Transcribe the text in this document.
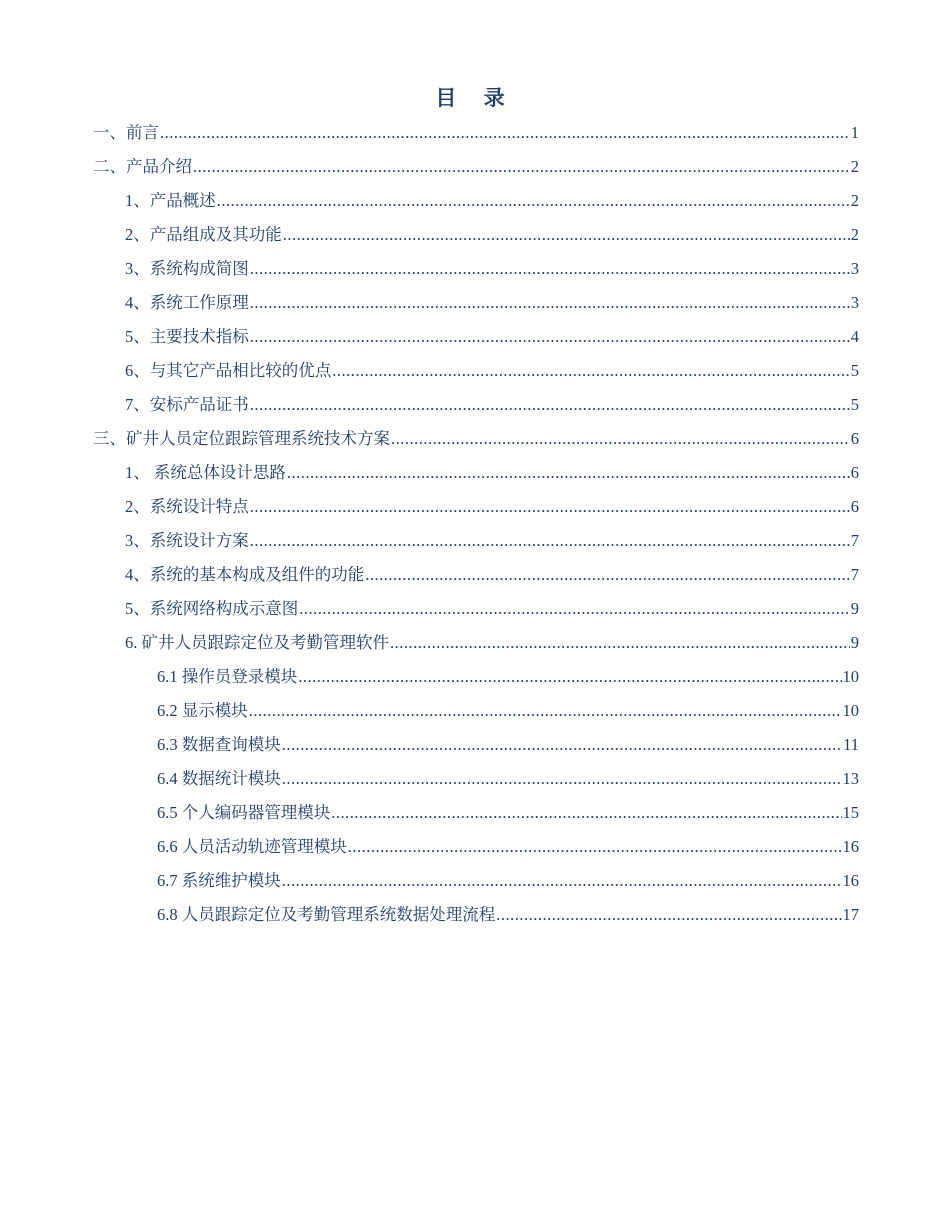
目 录
一、前言 .....	1
二、产品介绍 .....	2
1、产品概述 .....	2
2、产品组成及其功能 .....	2
3、系统构成简图 .....	3
4、系统工作原理 .....	3
5、主要技术指标 .....	4
6、与其它产品相比较的优点 .....	5
7、安标产品证书 .....	5
三、矿井人员定位跟踪管理系统技术方案 .....	6
1、 系统总体设计思路 .....	6
2、系统设计特点 .....	6
3、系统设计方案 .....	7
4、系统的基本构成及组件的功能 .....	7
5、系统网络构成示意图 .....	9
6. 矿井人员跟踪定位及考勤管理软件 .....	9
6.1 操作员登录模块 .....	10
6.2 显示模块 .....	10
6.3 数据查询模块 .....	11
6.4 数据统计模块 .....	13
6.5 个人编码器管理模块 .....	15
6.6 人员活动轨迹管理模块 .....	16
6.7 系统维护模块 .....	16
6.8 人员跟踪定位及考勤管理系统数据处理流程 .....	17
